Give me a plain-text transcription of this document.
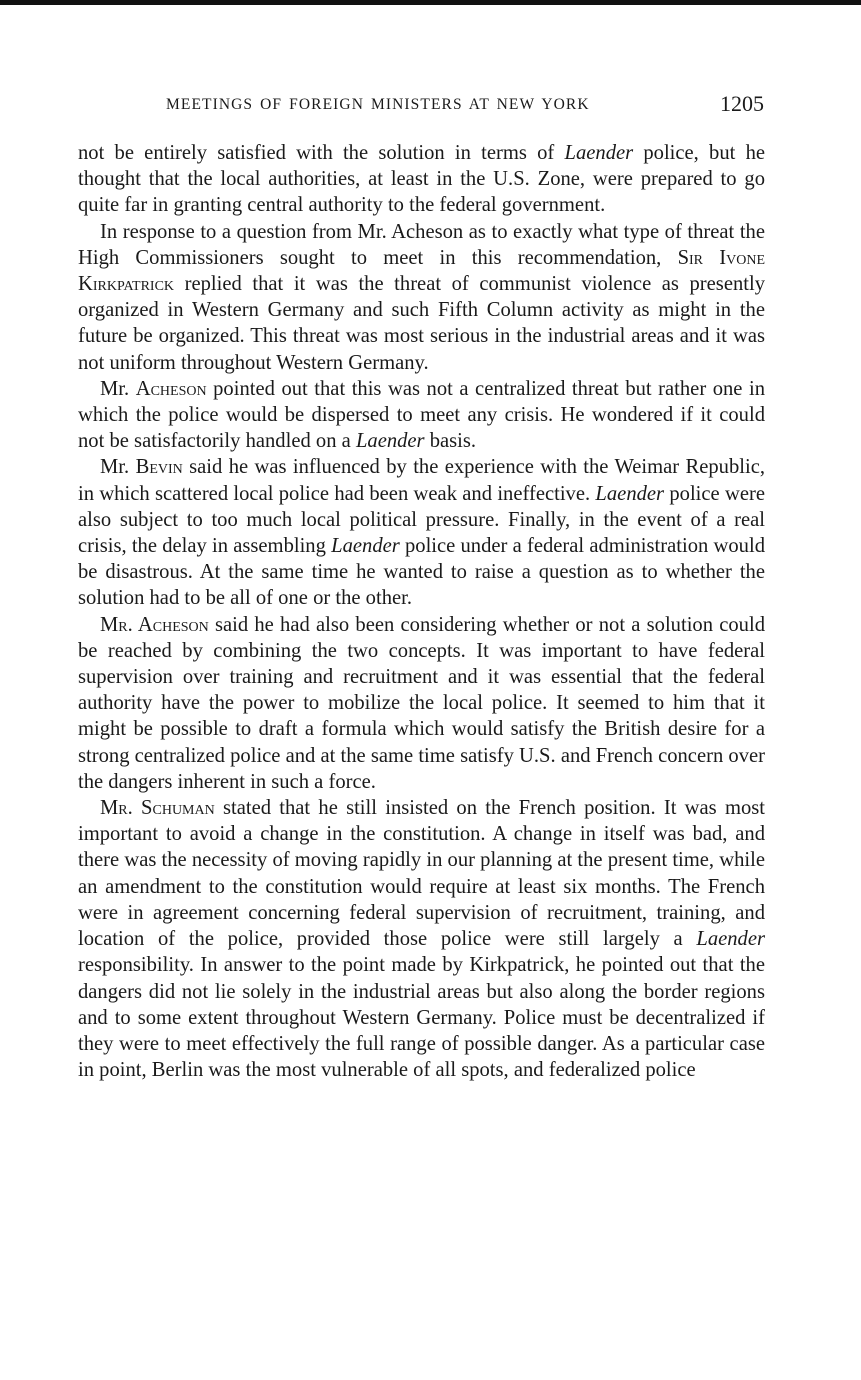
MEETINGS OF FOREIGN MINISTERS AT NEW YORK	1205

not be entirely satisfied with the solution in terms of Laender police, but he thought that the local authorities, at least in the U.S. Zone, were prepared to go quite far in granting central authority to the federal government.

In response to a question from Mr. Acheson as to exactly what type of threat the High Commissioners sought to meet in this recommendation, Sir Ivone Kirkpatrick replied that it was the threat of communist violence as presently organized in Western Germany and such Fifth Column activity as might in the future be organized. This threat was most serious in the industrial areas and it was not uniform throughout Western Germany.

Mr. Acheson pointed out that this was not a centralized threat but rather one in which the police would be dispersed to meet any crisis. He wondered if it could not be satisfactorily handled on a Laender basis.

Mr. Bevin said he was influenced by the experience with the Weimar Republic, in which scattered local police had been weak and ineffective. Laender police were also subject to too much local political pressure. Finally, in the event of a real crisis, the delay in assembling Laender police under a federal administration would be disastrous. At the same time he wanted to raise a question as to whether the solution had to be all of one or the other.

Mr. Acheson said he had also been considering whether or not a solution could be reached by combining the two concepts. It was important to have federal supervision over training and recruitment and it was essential that the federal authority have the power to mobilize the local police. It seemed to him that it might be possible to draft a formula which would satisfy the British desire for a strong centralized police and at the same time satisfy U.S. and French concern over the dangers inherent in such a force.

Mr. Schuman stated that he still insisted on the French position. It was most important to avoid a change in the constitution. A change in itself was bad, and there was the necessity of moving rapidly in our planning at the present time, while an amendment to the constitution would require at least six months. The French were in agreement concerning federal supervision of recruitment, training, and location of the police, provided those police were still largely a Laender responsibility. In answer to the point made by Kirkpatrick, he pointed out that the dangers did not lie solely in the industrial areas but also along the border regions and to some extent throughout Western Germany. Police must be decentralized if they were to meet effectively the full range of possible danger. As a particular case in point, Berlin was the most vulnerable of all spots, and federalized police
